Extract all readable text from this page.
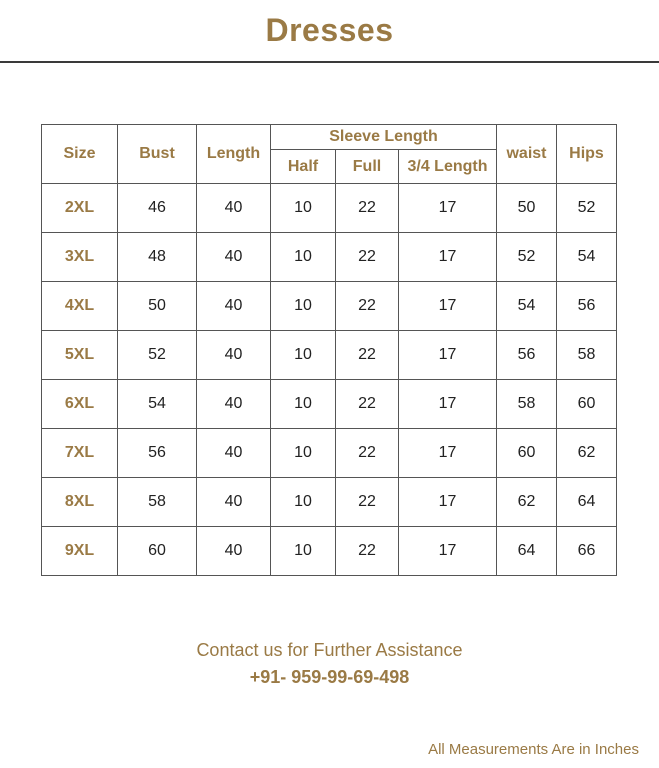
Dresses
Size	Bust	Length	Sleeve Length			waist	Hips
			Half	Full	3/4 Length		
2XL	46	40	10	22	17	50	52
3XL	48	40	10	22	17	52	54
4XL	50	40	10	22	17	54	56
5XL	52	40	10	22	17	56	58
6XL	54	40	10	22	17	58	60
7XL	56	40	10	22	17	60	62
8XL	58	40	10	22	17	62	64
9XL	60	40	10	22	17	64	66
Contact us for Further Assistance
+91- 959-99-69-498
All Measurements Are in Inches
